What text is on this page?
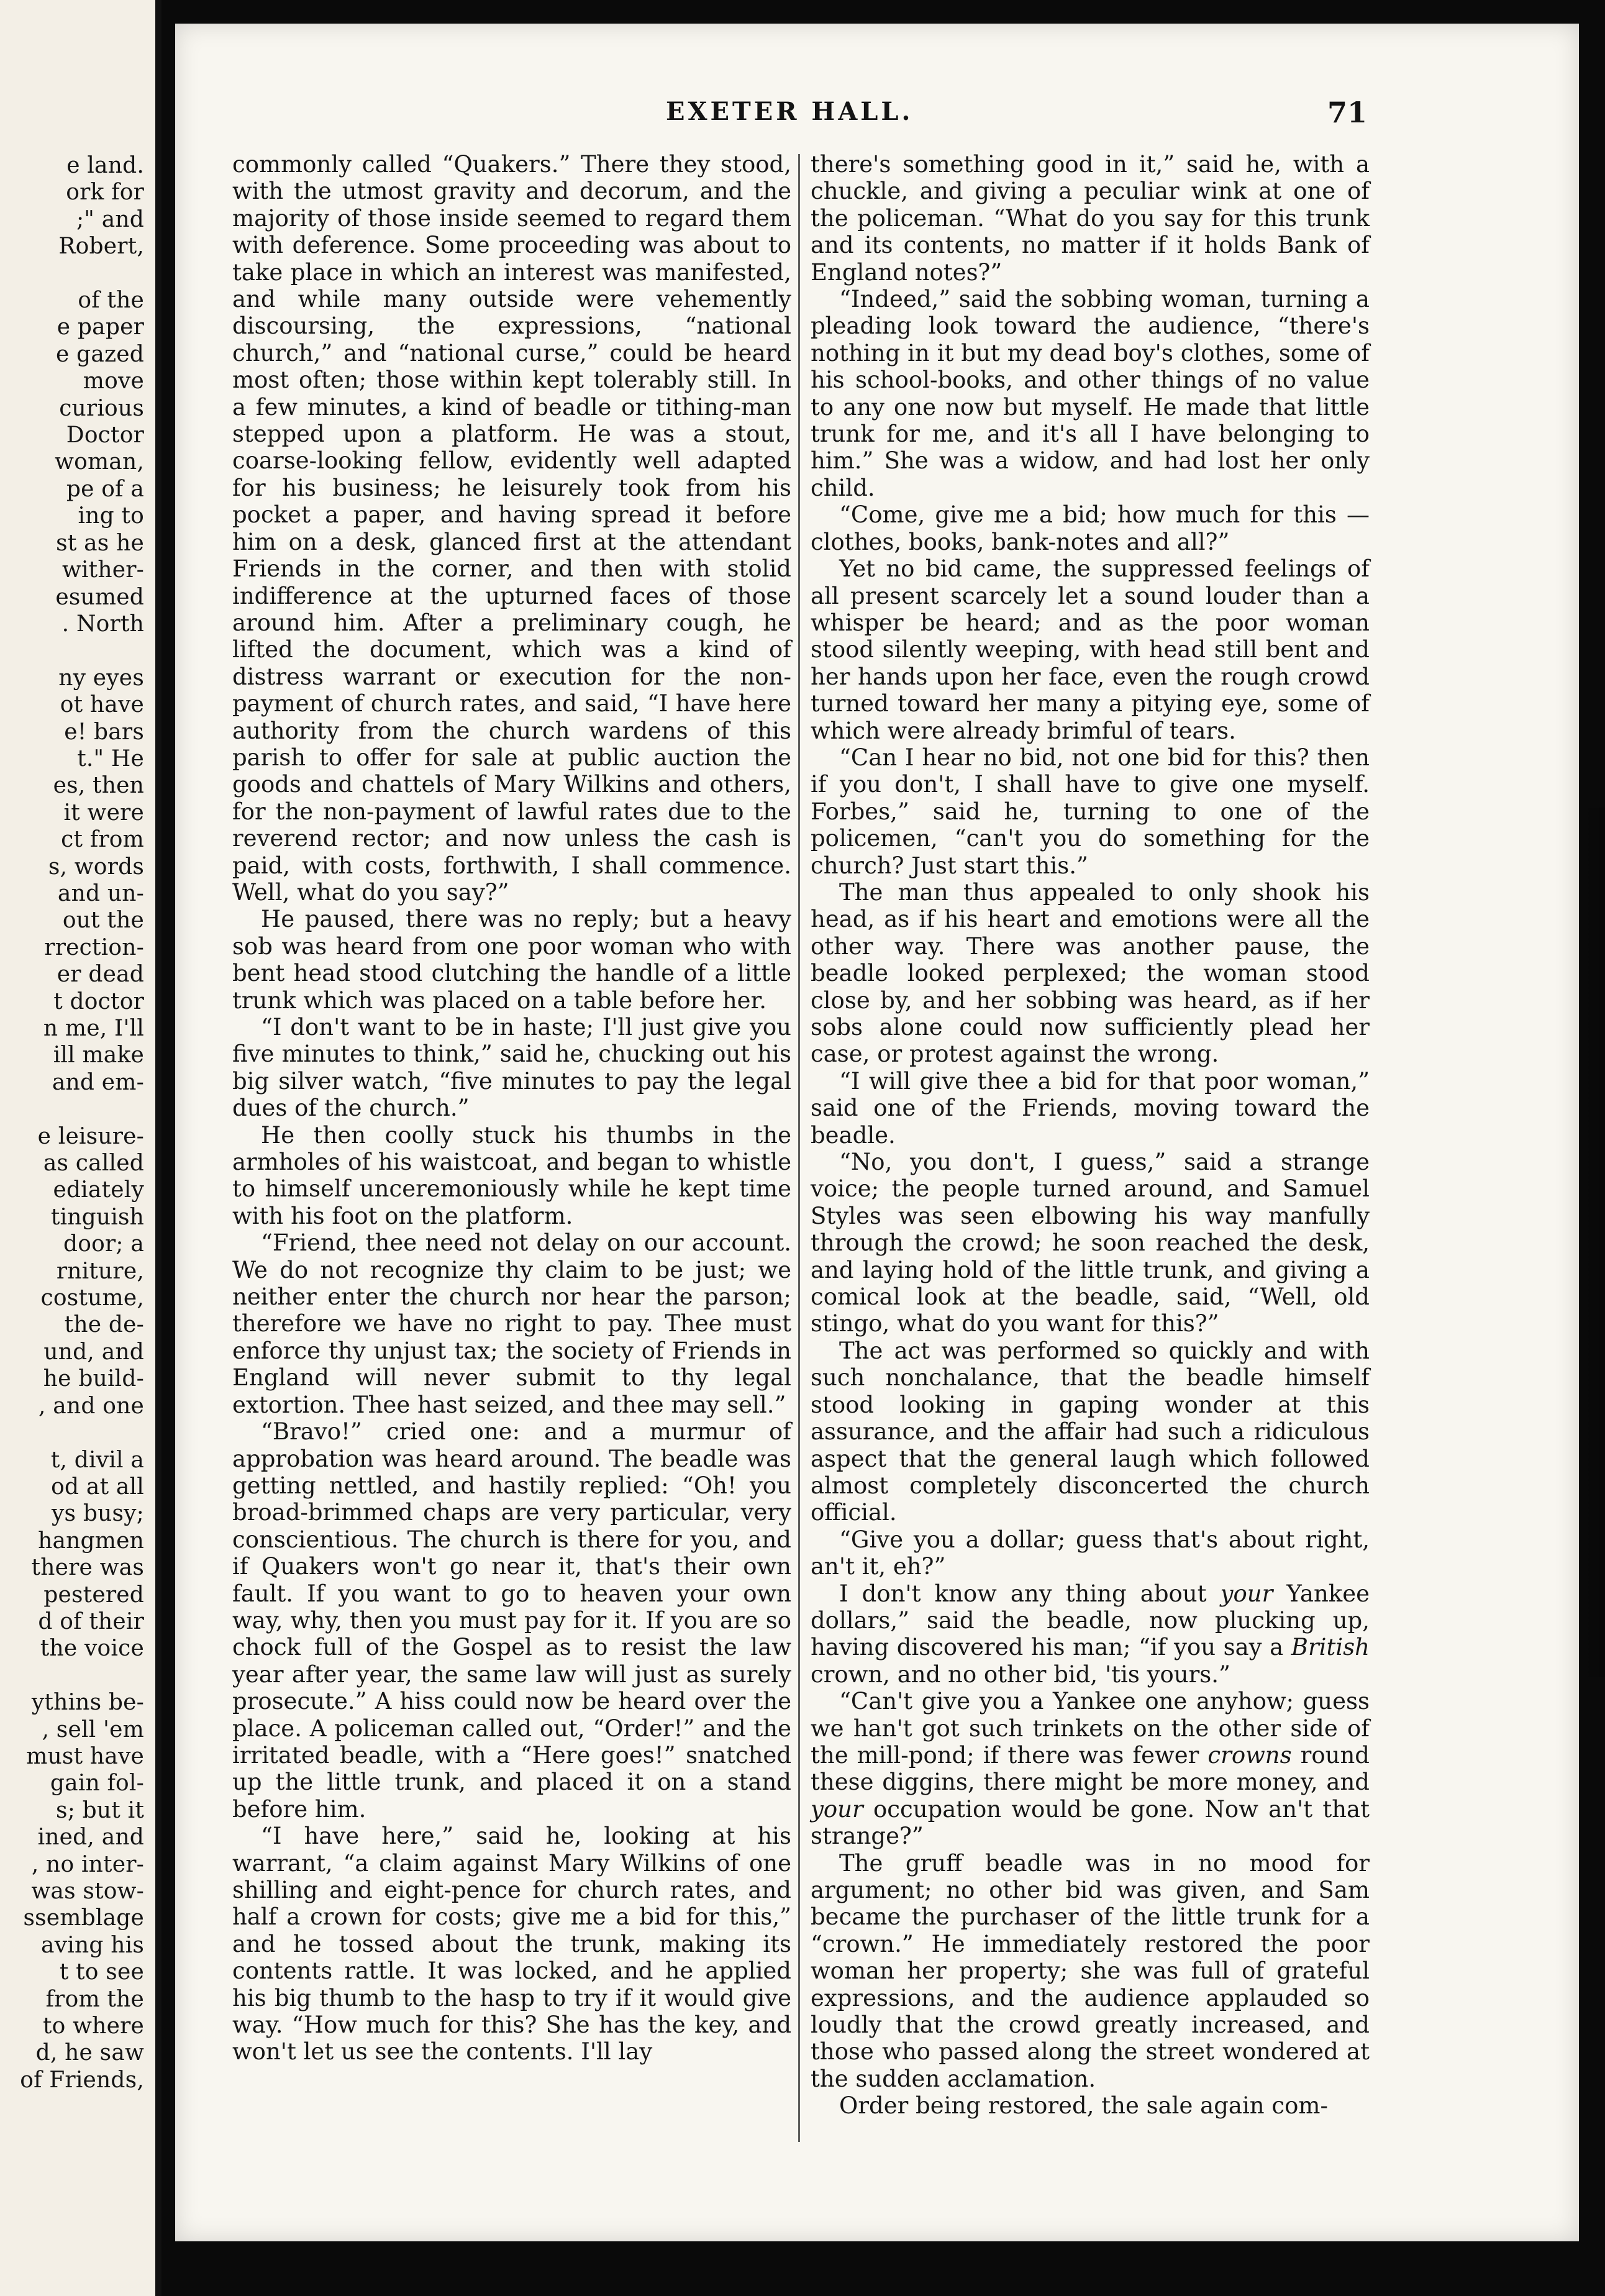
e land.
ork for
;" and
Robert,

of the
e paper
e gazed
move
curious
Doctor
woman,
pe of a
ing to
st as he
wither-
esumed
. North

ny eyes
ot have
e! bars
t." He
es, then
it were
ct from
s, words
and un-
out the
rrection-
er dead
t doctor
n me, I'll
ill make
and em-

e leisure-
as called
ediately
tinguish
door; a
rniture,
costume,
the de-
und, and
he build-
, and one

t, divil a
od at all
ys busy;
hangmen
there was
pestered
d of their
the voice

ythins be-
, sell 'em
must have
gain fol-
s; but it
ined, and
, no inter-
was stow-
ssemblage
aving his
t to see
from the
to where
d, he saw
of Friends,
EXETER HALL.	71

commonly called “Quakers.” There they stood, with the utmost gravity and decorum, and the majority of those inside seemed to regard them with deference. Some proceeding was about to take place in which an interest was manifested, and while many outside were vehemently discoursing, the expressions, “national church,” and “national curse,” could be heard most often; those within kept tolerably still. In a few minutes, a kind of beadle or tithing-man stepped upon a platform. He was a stout, coarse-looking fellow, evidently well adapted for his business; he leisurely took from his pocket a paper, and having spread it before him on a desk, glanced first at the attendant Friends in the corner, and then with stolid indifference at the upturned faces of those around him. After a preliminary cough, he lifted the document, which was a kind of distress warrant or execution for the non-payment of church rates, and said, “I have here authority from the church wardens of this parish to offer for sale at public auction the goods and chattels of Mary Wilkins and others, for the non-payment of lawful rates due to the reverend rector; and now unless the cash is paid, with costs, forthwith, I shall commence. Well, what do you say?”

He paused, there was no reply; but a heavy sob was heard from one poor woman who with bent head stood clutching the handle of a little trunk which was placed on a table before her.

“I don't want to be in haste; I'll just give you five minutes to think,” said he, chucking out his big silver watch, “five minutes to pay the legal dues of the church.”

He then coolly stuck his thumbs in the armholes of his waistcoat, and began to whistle to himself unceremoniously while he kept time with his foot on the platform.

“Friend, thee need not delay on our account. We do not recognize thy claim to be just; we neither enter the church nor hear the parson; therefore we have no right to pay. Thee must enforce thy unjust tax; the society of Friends in England will never submit to thy legal extortion. Thee hast seized, and thee may sell.”

“Bravo!” cried one: and a murmur of approbation was heard around. The beadle was getting nettled, and hastily replied: “Oh! you broad-brimmed chaps are very particular, very conscientious. The church is there for you, and if Quakers won't go near it, that's their own fault. If you want to go to heaven your own way, why, then you must pay for it. If you are so chock full of the Gospel as to resist the law year after year, the same law will just as surely prosecute.” A hiss could now be heard over the place. A policeman called out, “Order!” and the irritated beadle, with a “Here goes!” snatched up the little trunk, and placed it on a stand before him.

“I have here,” said he, looking at his warrant, “a claim against Mary Wilkins of one shilling and eight-pence for church rates, and half a crown for costs; give me a bid for this,” and he tossed about the trunk, making its contents rattle. It was locked, and he applied his big thumb to the hasp to try if it would give way. “How much for this? She has the key, and won't let us see the contents. I'll lay

there's something good in it,” said he, with a chuckle, and giving a peculiar wink at one of the policeman. “What do you say for this trunk and its contents, no matter if it holds Bank of England notes?”

“Indeed,” said the sobbing woman, turning a pleading look toward the audience, “there's nothing in it but my dead boy's clothes, some of his school-books, and other things of no value to any one now but myself. He made that little trunk for me, and it's all I have belonging to him.” She was a widow, and had lost her only child.

“Come, give me a bid; how much for this —clothes, books, bank-notes and all?”

Yet no bid came, the suppressed feelings of all present scarcely let a sound louder than a whisper be heard; and as the poor woman stood silently weeping, with head still bent and her hands upon her face, even the rough crowd turned toward her many a pitying eye, some of which were already brimful of tears.

“Can I hear no bid, not one bid for this? then if you don't, I shall have to give one myself. Forbes,” said he, turning to one of the policemen, “can't you do something for the church? Just start this.”

The man thus appealed to only shook his head, as if his heart and emotions were all the other way. There was another pause, the beadle looked perplexed; the woman stood close by, and her sobbing was heard, as if her sobs alone could now sufficiently plead her case, or protest against the wrong.

“I will give thee a bid for that poor woman,” said one of the Friends, moving toward the beadle.

“No, you don't, I guess,” said a strange voice; the people turned around, and Samuel Styles was seen elbowing his way manfully through the crowd; he soon reached the desk, and laying hold of the little trunk, and giving a comical look at the beadle, said, “Well, old stingo, what do you want for this?”

The act was performed so quickly and with such nonchalance, that the beadle himself stood looking in gaping wonder at this assurance, and the affair had such a ridiculous aspect that the general laugh which followed almost completely disconcerted the church official.

“Give you a dollar; guess that's about right, an't it, eh?”

I don't know any thing about your Yankee dollars,” said the beadle, now plucking up, having discovered his man; “if you say a British crown, and no other bid, 'tis yours.”

“Can't give you a Yankee one anyhow; guess we han't got such trinkets on the other side of the mill-pond; if there was fewer crowns round these diggins, there might be more money, and your occupation would be gone. Now an't that strange?”

The gruff beadle was in no mood for argument; no other bid was given, and Sam became the purchaser of the little trunk for a “crown.” He immediately restored the poor woman her property; she was full of grateful expressions, and the audience applauded so loudly that the crowd greatly increased, and those who passed along the street wondered at the sudden acclamation.

Order being restored, the sale again com-
